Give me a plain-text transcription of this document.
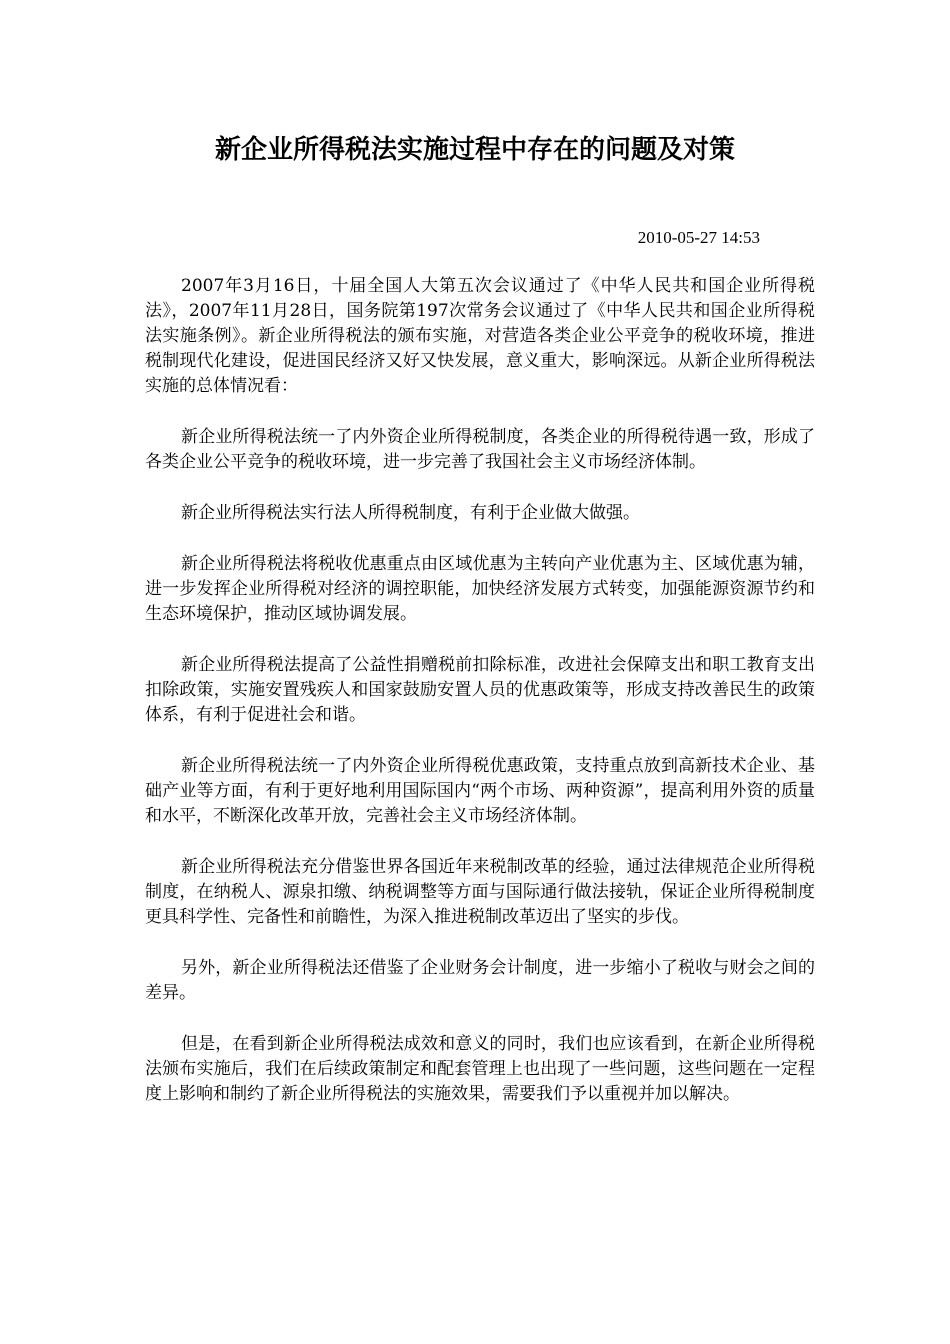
新企业所得税法实施过程中存在的问题及对策
2010-05-27 14:53

2007年3月16日，十届全国人大第五次会议通过了《中华人民共和国企业所得税法》，2007年11月28日，国务院第197次常务会议通过了《中华人民共和国企业所得税法实施条例》。新企业所得税法的颁布实施，对营造各类企业公平竞争的税收环境，推进税制现代化建设，促进国民经济又好又快发展，意义重大，影响深远。从新企业所得税法实施的总体情况看：

新企业所得税法统一了内外资企业所得税制度，各类企业的所得税待遇一致，形成了各类企业公平竞争的税收环境，进一步完善了我国社会主义市场经济体制。

新企业所得税法实行法人所得税制度，有利于企业做大做强。

新企业所得税法将税收优惠重点由区域优惠为主转向产业优惠为主、区域优惠为辅，进一步发挥企业所得税对经济的调控职能，加快经济发展方式转变，加强能源资源节约和生态环境保护，推动区域协调发展。

新企业所得税法提高了公益性捐赠税前扣除标准，改进社会保障支出和职工教育支出扣除政策，实施安置残疾人和国家鼓励安置人员的优惠政策等，形成支持改善民生的政策体系，有利于促进社会和谐。

新企业所得税法统一了内外资企业所得税优惠政策，支持重点放到高新技术企业、基础产业等方面，有利于更好地利用国际国内“两个市场、两种资源”，提高利用外资的质量和水平，不断深化改革开放，完善社会主义市场经济体制。

新企业所得税法充分借鉴世界各国近年来税制改革的经验，通过法律规范企业所得税制度，在纳税人、源泉扣缴、纳税调整等方面与国际通行做法接轨，保证企业所得税制度更具科学性、完备性和前瞻性，为深入推进税制改革迈出了坚实的步伐。

另外，新企业所得税法还借鉴了企业财务会计制度，进一步缩小了税收与财会之间的差异。

但是，在看到新企业所得税法成效和意义的同时，我们也应该看到，在新企业所得税法颁布实施后，我们在后续政策制定和配套管理上也出现了一些问题，这些问题在一定程度上影响和制约了新企业所得税法的实施效果，需要我们予以重视并加以解决。
